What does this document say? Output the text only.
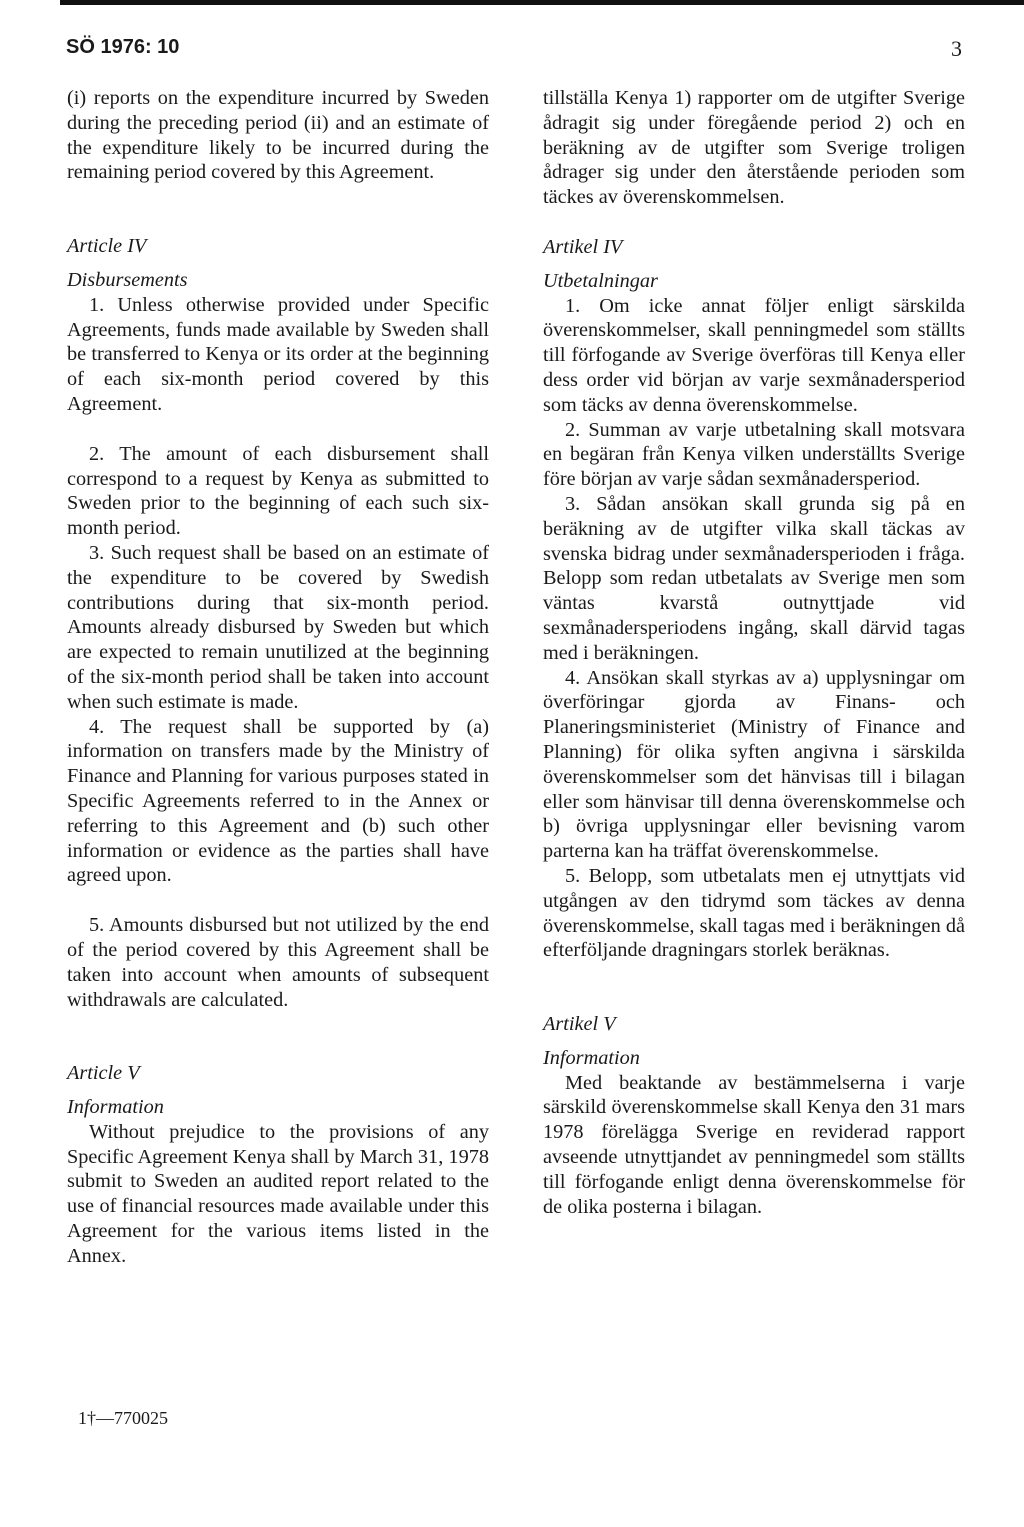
SÖ 1976: 10	3

(i) reports on the expenditure incurred by Sweden during the preceding period (ii) and an estimate of the expenditure likely to be incurred during the remaining period covered by this Agreement.

Article IV

Disbursements

1. Unless otherwise provided under Specific Agreements, funds made available by Sweden shall be transferred to Kenya or its order at the beginning of each six-month period covered by this Agreement.

2. The amount of each disbursement shall correspond to a request by Kenya as submitted to Sweden prior to the beginning of each such six-month period.

3. Such request shall be based on an estimate of the expenditure to be covered by Swedish contributions during that six-month period. Amounts already disbursed by Sweden but which are expected to remain unutilized at the beginning of the six-month period shall be taken into account when such estimate is made.

4. The request shall be supported by (a) information on transfers made by the Ministry of Finance and Planning for various purposes stated in Specific Agreements referred to in the Annex or referring to this Agreement and (b) such other information or evidence as the parties shall have agreed upon.

5. Amounts disbursed but not utilized by the end of the period covered by this Agreement shall be taken into account when amounts of subsequent withdrawals are calculated.

Article V

Information

Without prejudice to the provisions of any Specific Agreement Kenya shall by March 31, 1978 submit to Sweden an audited report related to the use of financial resources made available under this Agreement for the various items listed in the Annex.

tillställa Kenya 1) rapporter om de utgifter Sverige ådragit sig under föregående period 2) och en beräkning av de utgifter som Sverige troligen ådrager sig under den återstående perioden som täckes av överenskommelsen.

Artikel IV

Utbetalningar

1. Om icke annat följer enligt särskilda överenskommelser, skall penningmedel som ställts till förfogande av Sverige överföras till Kenya eller dess order vid början av varje sexmånadersperiod som täcks av denna överenskommelse.

2. Summan av varje utbetalning skall motsvara en begäran från Kenya vilken underställts Sverige före början av varje sådan sexmånadersperiod.

3. Sådan ansökan skall grunda sig på en beräkning av de utgifter vilka skall täckas av svenska bidrag under sexmånadersperioden i fråga. Belopp som redan utbetalats av Sverige men som väntas kvarstå outnyttjade vid sexmånadersperiodens ingång, skall därvid tagas med i beräkningen.

4. Ansökan skall styrkas av a) upplysningar om överföringar gjorda av Finans- och Planeringsministeriet (Ministry of Finance and Planning) för olika syften angivna i särskilda överenskommelser som det hänvisas till i bilagan eller som hänvisar till denna överenskommelse och b) övriga upplysningar eller bevisning varom parterna kan ha träffat överenskommelse.

5. Belopp, som utbetalats men ej utnyttjats vid utgången av den tidrymd som täckes av denna överenskommelse, skall tagas med i beräkningen då efterföljande dragningars storlek beräknas.

Artikel V

Information

Med beaktande av bestämmelserna i varje särskild överenskommelse skall Kenya den 31 mars 1978 förelägga Sverige en reviderad rapport avseende utnyttjandet av penningmedel som ställts till förfogande enligt denna överenskommelse för de olika posterna i bilagan.

1†—770025
